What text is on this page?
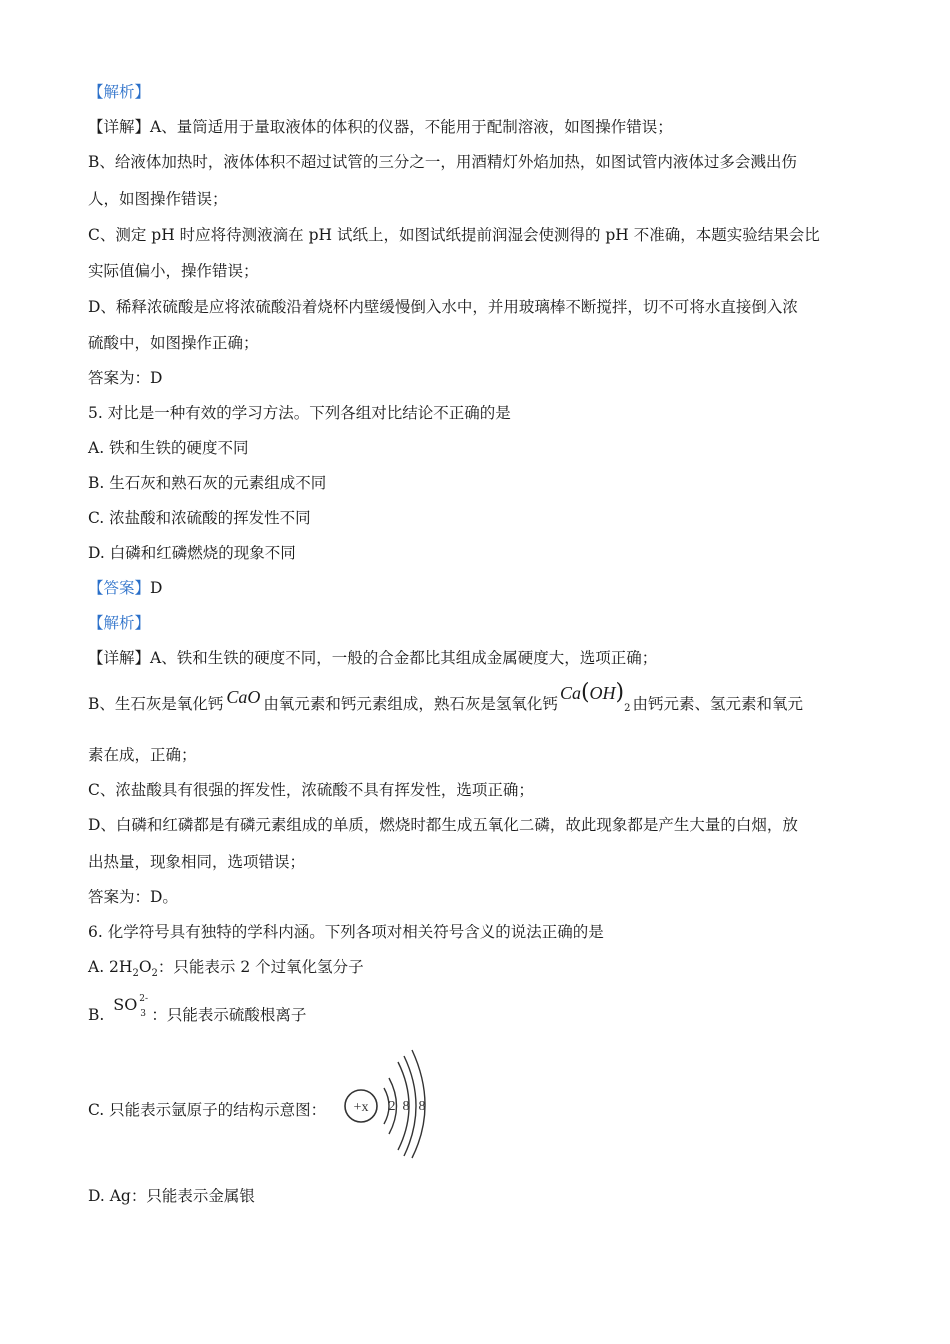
【解析】
【详解】A、量筒适用于量取液体的体积的仪器，不能用于配制溶液，如图操作错误；
B、给液体加热时，液体体积不超过试管的三分之一，用酒精灯外焰加热，如图试管内液体过多会溅出伤
人，如图操作错误；
C、测定 pH 时应将待测液滴在 pH 试纸上，如图试纸提前润湿会使测得的 pH 不准确，本题实验结果会比
实际值偏小，操作错误；
D、稀释浓硫酸是应将浓硫酸沿着烧杯内壁缓慢倒入水中，并用玻璃棒不断搅拌，切不可将水直接倒入浓
硫酸中，如图操作正确；
答案为：D
5. 对比是一种有效的学习方法。下列各组对比结论不正确的是
A. 铁和生铁的硬度不同
B. 生石灰和熟石灰的元素组成不同
C. 浓盐酸和浓硫酸的挥发性不同
D. 白磷和红磷燃烧的现象不同
【答案】D
【解析】
【详解】A、铁和生铁的硬度不同，一般的合金都比其组成金属硬度大，选项正确；
B、生石灰是氧化钙 CaO 由氧元素和钙元素组成，熟石灰是氢氧化钙$Ca(OH)_2$ 由钙元素、氢元素和氧元
素在成，正确；
C、浓盐酸具有很强的挥发性，浓硫酸不具有挥发性，选项正确；
D、白磷和红磷都是有磷元素组成的单质，燃烧时都生成五氧化二磷，故此现象都是产生大量的白烟，放
出热量，现象相同，选项错误；
答案为：D。
6. 化学符号具有独特的学科内涵。下列各项对相关符号含义的说法正确的是
A. $2H_2O_2$：只能表示 2 个过氧化氢分子
B. SO 2-
3 ：只能表示硫酸根离子
C. 只能表示氩原子的结构示意图： +x 2 8 8
D. Ag：只能表示金属银
